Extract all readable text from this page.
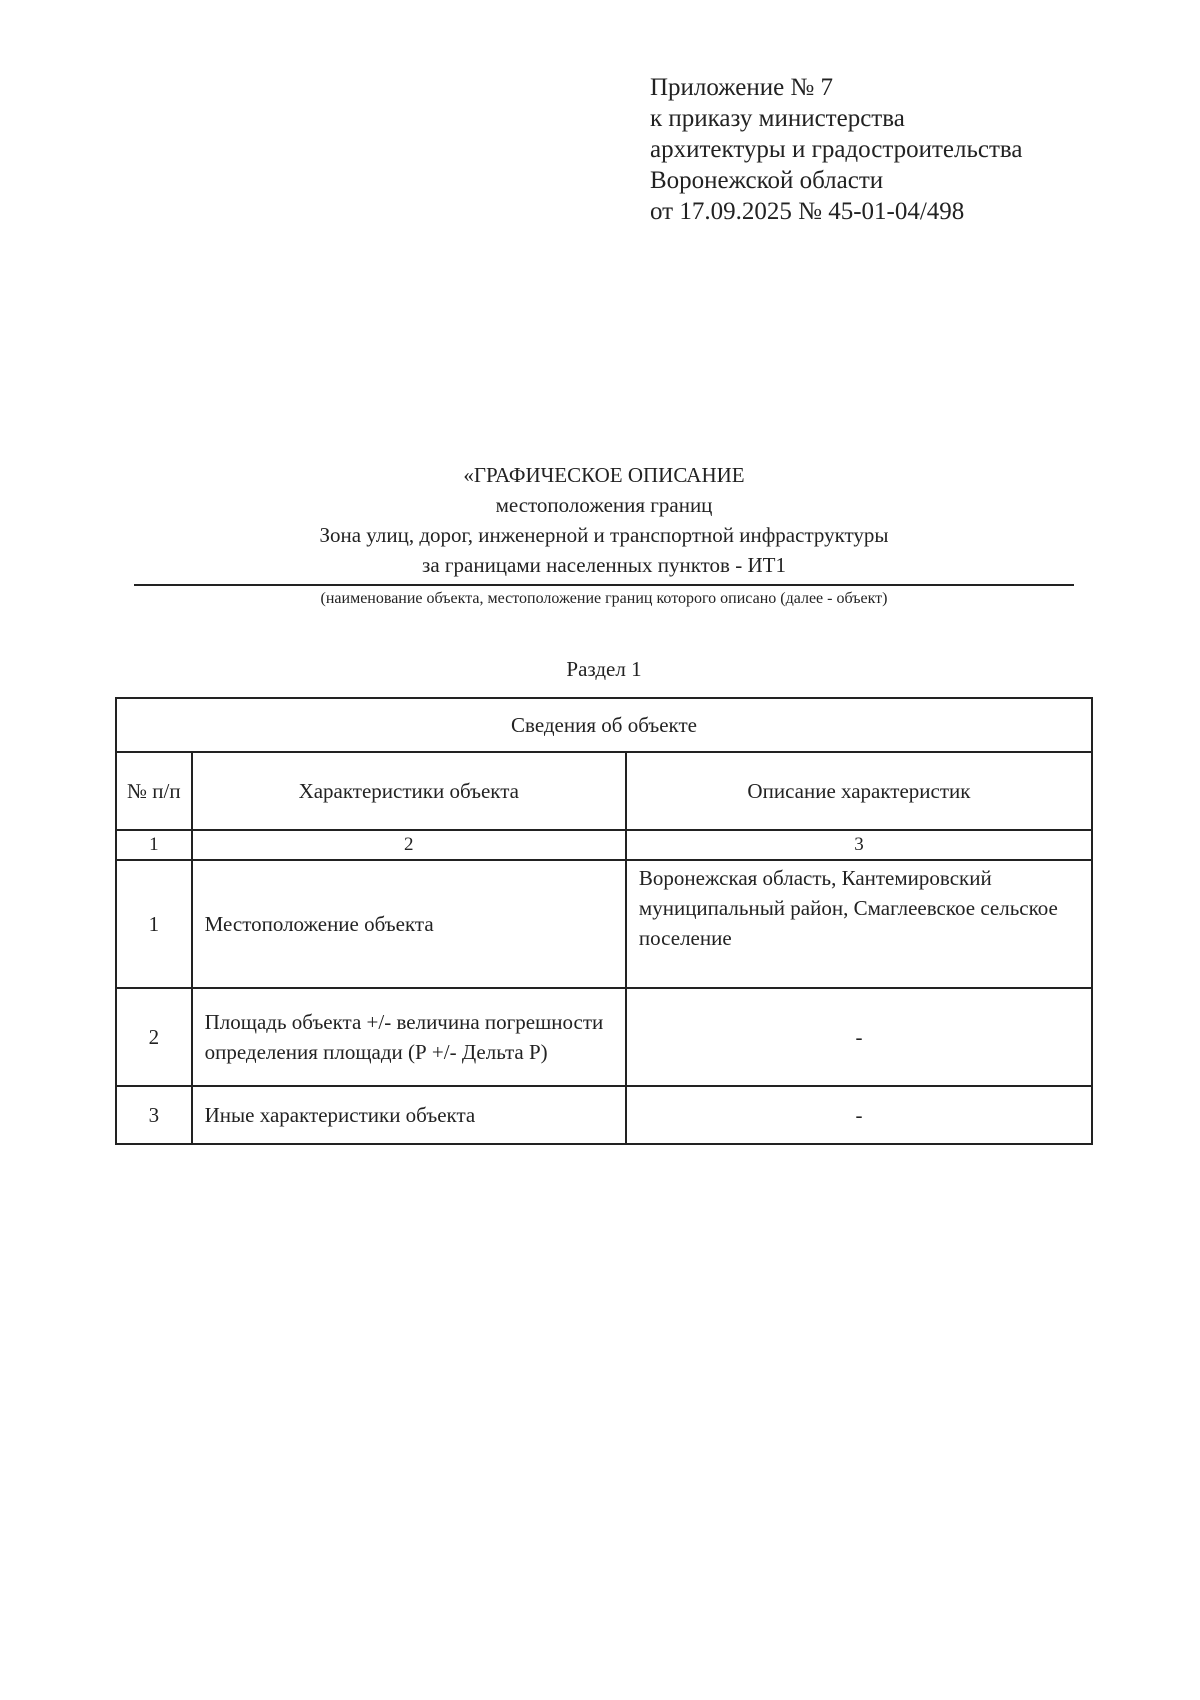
Приложение № 7
к приказу министерства
архитектуры и градостроительства
Воронежской области
от 17.09.2025 № 45-01-04/498
«ГРАФИЧЕСКОЕ ОПИСАНИЕ
местоположения границ
Зона улиц, дорог, инженерной и транспортной инфраструктуры
за границами населенных пунктов - ИТ1
(наименование объекта, местоположение границ которого описано (далее - объект)
Раздел 1
Сведения об объекте		
№ п/п	Характеристики объекта	Описание характеристик
1	2	3
1	Местоположение объекта	Воронежская область, Кантемировский муниципальный район, Смаглеевское сельское поселение
2	Площадь объекта +/- величина погрешности определения площади (Р +/- Дельта Р)	-
3	Иные характеристики объекта	-
